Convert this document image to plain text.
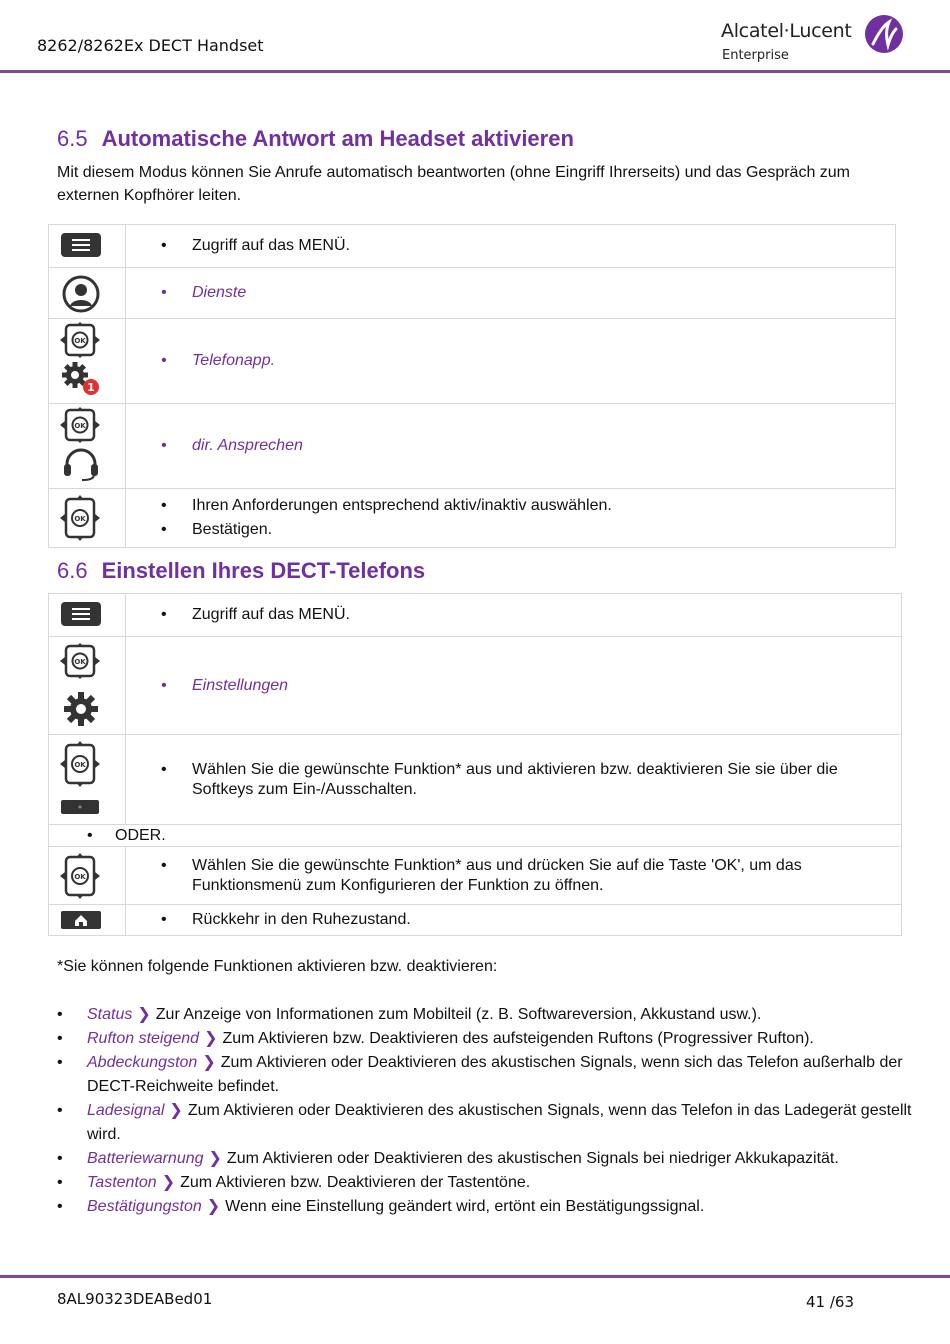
8262/8262Ex DECT Handset
Alcatel·Lucent
Enterprise
6.5 Automatische Antwort am Headset aktivieren
Mit diesem Modus können Sie Anrufe automatisch beantworten (ohne Eingriff Ihrerseits) und das Gespräch zum externen Kopfhörer leiten.

• Zugriff auf das MENÜ.

• Dienste

OK
1	• Telefonapp.

OK	• dir. Ansprechen

OK	• Ihren Anforderungen entsprechend aktiv/inaktiv auswählen.
• Bestätigen.
6.6 Einstellen Ihres DECT-Telefons

• Zugriff auf das MENÜ.

OK	• Einstellungen

OK	• Wählen Sie die gewünschte Funktion* aus und aktivieren bzw. deaktivieren Sie sie über die Softkeys zum Ein-/Ausschalten.

• ODER.

OK	• Wählen Sie die gewünschte Funktion* aus und drücken Sie auf die Taste 'OK', um das Funktionsmenü zum Konfigurieren der Funktion zu öffnen.

• Rückkehr in den Ruhezustand.
*Sie können folgende Funktionen aktivieren bzw. deaktivieren:
• Status ❯ Zur Anzeige von Informationen zum Mobilteil (z. B. Softwareversion, Akkustand usw.).
• Rufton steigend ❯ Zum Aktivieren bzw. Deaktivieren des aufsteigenden Ruftons (Progressiver Rufton).
• Abdeckungston ❯ Zum Aktivieren oder Deaktivieren des akustischen Signals, wenn sich das Telefon außerhalb der DECT-Reichweite befindet.
• Ladesignal ❯ Zum Aktivieren oder Deaktivieren des akustischen Signals, wenn das Telefon in das Ladegerät gestellt wird.
• Batteriewarnung ❯ Zum Aktivieren oder Deaktivieren des akustischen Signals bei niedriger Akkukapazität.
• Tastenton ❯ Zum Aktivieren bzw. Deaktivieren der Tastentöne.
• Bestätigungston ❯ Wenn eine Einstellung geändert wird, ertönt ein Bestätigungssignal.
8AL90323DEABed01	41 /63
